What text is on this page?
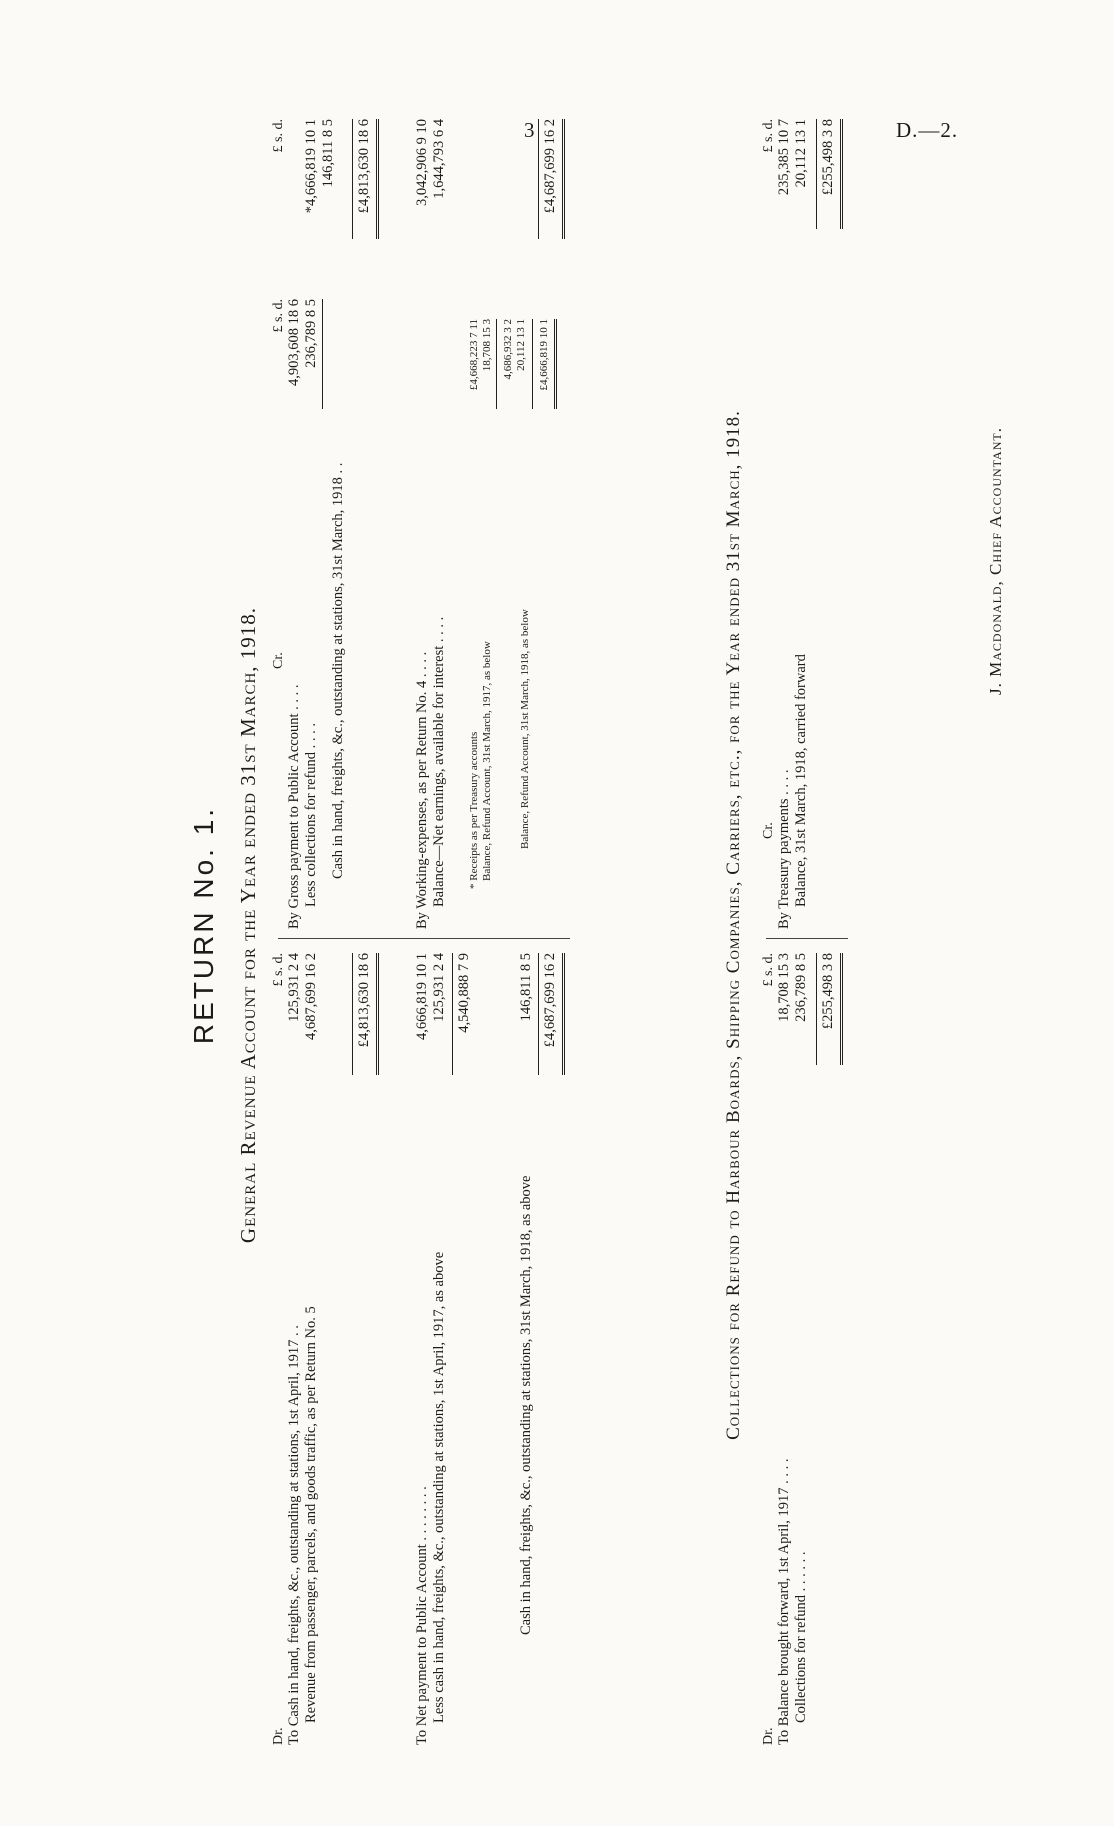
3	D.—2.
RETURN No. 1. General Revenue Account for the Year ended 31st March, 1918.
Dr.
£ s. d.
To Cash in hand, freights, &c., outstanding at stations, 1st April, 1917 . .
125,931 2 4
Revenue from passenger, parcels, and goods traffic, as per Return No. 5
4,687,699 16 2	£4,813,630 18 6
To Net payment to Public Account . . . . . . . .
4,666,819 10 1
Less cash in hand, freights, &c., outstanding at stations, 1st April, 1917, as above
125,931 2 4 4,540,888 7 9
Cash in hand, freights, &c., outstanding at stations, 31st March, 1918, as above
146,811 8 5 £4,687,699 16 2
Cr.
£ s. d.
£ s. d.
By Gross payment to Public Account . . . .
4,903,608 18 6
Less collections for refund . . . .
236,789 8 5
*4,666,819 10 1
Cash in hand, freights, &c., outstanding at stations, 31st March, 1918 . .
146,811 8 5 £4,813,630 18 6
By Working-expenses, as per Return No. 4 . . . .
3,042,906 9 10
Balance—Net earnings, available for interest . . . .
1,644,793 6 4
* Receipts as per Treasury accounts
£4,668,223 7 11
Balance, Refund Account, 31st March, 1917, as below
18,708 15 3 4,686,932 3 2
Balance, Refund Account, 31st March, 1918, as below
20,112 13 1 £4,666,819 10 1
£4,687,699 16 2
Collections for Refund to Harbour Boards, Shipping Companies, Carriers, etc., for the Year ended 31st March, 1918.
Dr.
£ s. d.
To Balance brought forward, 1st April, 1917 . . . .
18,708 15 3
Collections for refund . . . . . .
236,789 8 5 £255,498 3 8
Cr.
£ s. d.
By Treasury payments . . . .
235,385 10 7
Balance, 31st March, 1918, carried forward
20,112 13 1 £255,498 3 8
J. Macdonald, Chief Accountant.
